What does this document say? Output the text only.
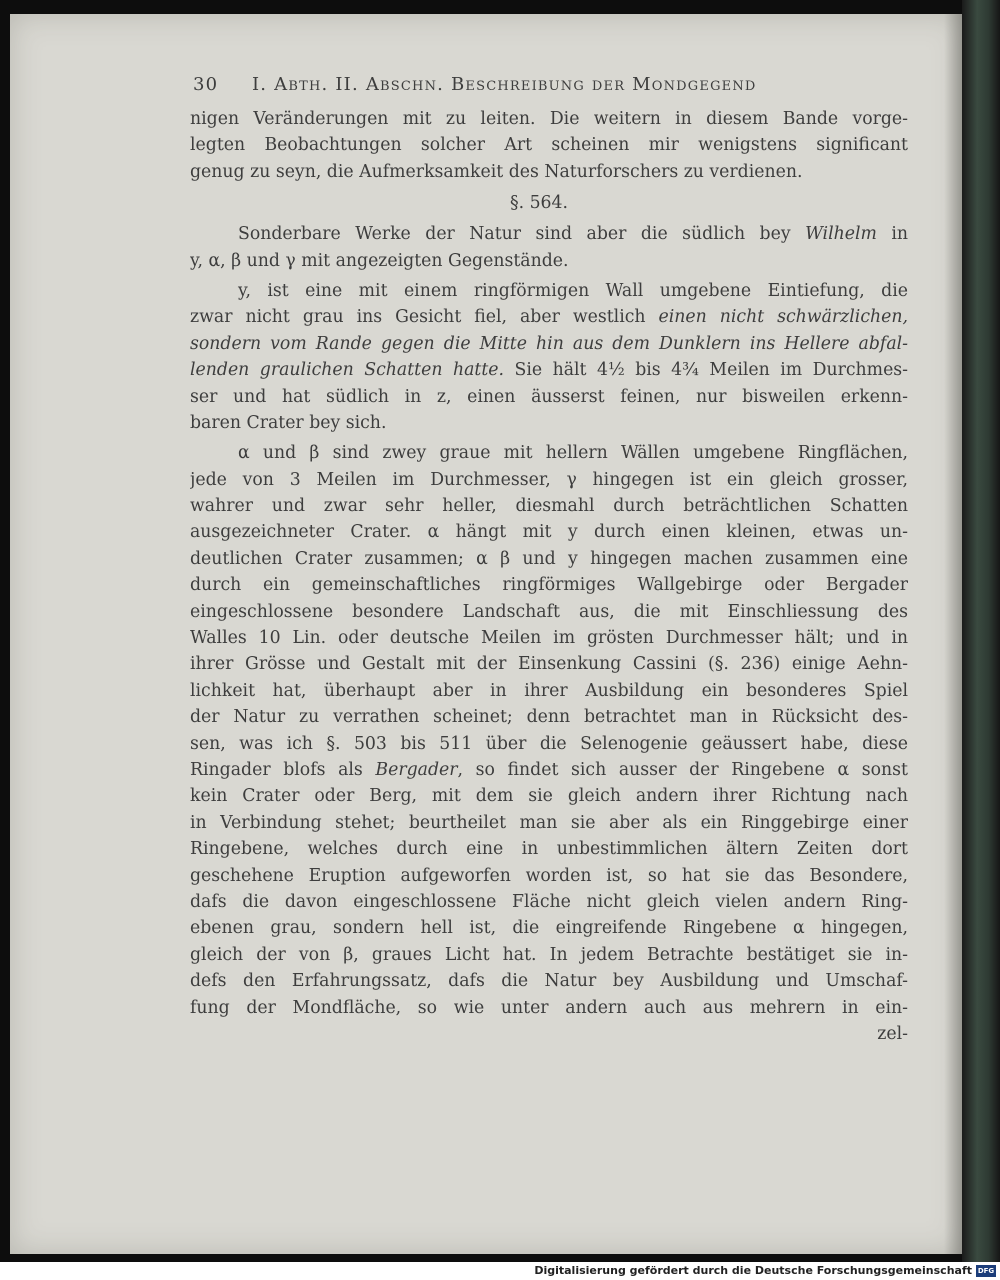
30 I. Abth. II. Abschn. Beschreibung der Mondgegend
nigen Veränderungen mit zu leiten. Die weitern in diesem Bande vorge-
legten Beobachtungen solcher Art scheinen mir wenigstens significant
genug zu seyn, die Aufmerksamkeit des Naturforschers zu verdienen.
§. 564.
Sonderbare Werke der Natur sind aber die südlich bey Wilhelm in
y, α, β und γ mit angezeigten Gegenstände.
y, ist eine mit einem ringförmigen Wall umgebene Eintiefung, die
zwar nicht grau ins Gesicht fiel, aber westlich einen nicht schwärzlichen,
sondern vom Rande gegen die Mitte hin aus dem Dunklern ins Hellere abfal-
lenden graulichen Schatten hatte. Sie hält 4½ bis 4¾ Meilen im Durchmes-
ser und hat südlich in z, einen äusserst feinen, nur bisweilen erkenn-
baren Crater bey sich.
α und β sind zwey graue mit hellern Wällen umgebene Ringflächen,
jede von 3 Meilen im Durchmesser, γ hingegen ist ein gleich grosser,
wahrer und zwar sehr heller, diesmahl durch beträchtlichen Schatten
ausgezeichneter Crater. α hängt mit y durch einen kleinen, etwas un-
deutlichen Crater zusammen; α β und y hingegen machen zusammen eine
durch ein gemeinschaftliches ringförmiges Wallgebirge oder Bergader
eingeschlossene besondere Landschaft aus, die mit Einschliessung des
Walles 10 Lin. oder deutsche Meilen im grösten Durchmesser hält; und in
ihrer Grösse und Gestalt mit der Einsenkung Cassini (§. 236) einige Aehn-
lichkeit hat, überhaupt aber in ihrer Ausbildung ein besonderes Spiel
der Natur zu verrathen scheinet; denn betrachtet man in Rücksicht des-
sen, was ich §. 503 bis 511 über die Selenogenie geäussert habe, diese
Ringader blofs als Bergader, so findet sich ausser der Ringebene α sonst
kein Crater oder Berg, mit dem sie gleich andern ihrer Richtung nach
in Verbindung stehet; beurtheilet man sie aber als ein Ringgebirge einer
Ringebene, welches durch eine in unbestimmlichen ältern Zeiten dort
geschehene Eruption aufgeworfen worden ist, so hat sie das Besondere,
dafs die davon eingeschlossene Fläche nicht gleich vielen andern Ring-
ebenen grau, sondern hell ist, die eingreifende Ringebene α hingegen,
gleich der von β, graues Licht hat. In jedem Betrachte bestätiget sie in-
defs den Erfahrungssatz, dafs die Natur bey Ausbildung und Umschaf-
fung der Mondfläche, so wie unter andern auch aus mehrern in ein-
zel-
Digitalisierung gefördert durch die Deutsche Forschungsgemeinschaft DFG
